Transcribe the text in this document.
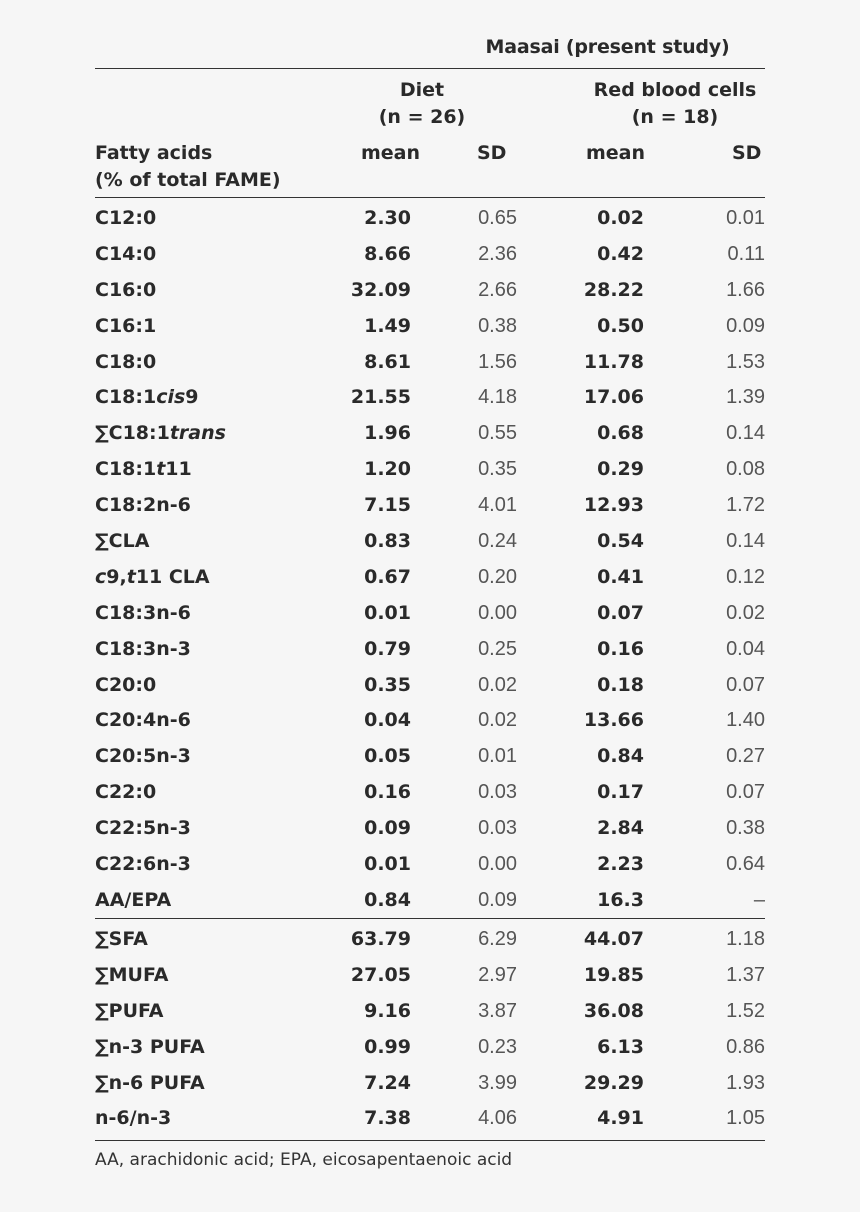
Maasai (present study)
Diet
(n = 26)
Red blood cells
(n = 18)
Fatty acids
(% of total FAME)
mean	SD	mean	SD
C12:0	2.30	0.65	0.02	0.01
C14:0	8.66	2.36	0.42	0.11
C16:0	32.09	2.66	28.22	1.66
C16:1	1.49	0.38	0.50	0.09
C18:0	8.61	1.56	11.78	1.53
C18:1cis9	21.55	4.18	17.06	1.39
∑C18:1trans	1.96	0.55	0.68	0.14
C18:1t11	1.20	0.35	0.29	0.08
C18:2n-6	7.15	4.01	12.93	1.72
∑CLA	0.83	0.24	0.54	0.14
c9,t11 CLA	0.67	0.20	0.41	0.12
C18:3n-6	0.01	0.00	0.07	0.02
C18:3n-3	0.79	0.25	0.16	0.04
C20:0	0.35	0.02	0.18	0.07
C20:4n-6	0.04	0.02	13.66	1.40
C20:5n-3	0.05	0.01	0.84	0.27
C22:0	0.16	0.03	0.17	0.07
C22:5n-3	0.09	0.03	2.84	0.38
C22:6n-3	0.01	0.00	2.23	0.64
AA/EPA	0.84	0.09	16.3	–
∑SFA	63.79	6.29	44.07	1.18
∑MUFA	27.05	2.97	19.85	1.37
∑PUFA	9.16	3.87	36.08	1.52
∑n-3 PUFA	0.99	0.23	6.13	0.86
∑n-6 PUFA	7.24	3.99	29.29	1.93
n-6/n-3	7.38	4.06	4.91	1.05
AA, arachidonic acid; EPA, eicosapentaenoic acid
